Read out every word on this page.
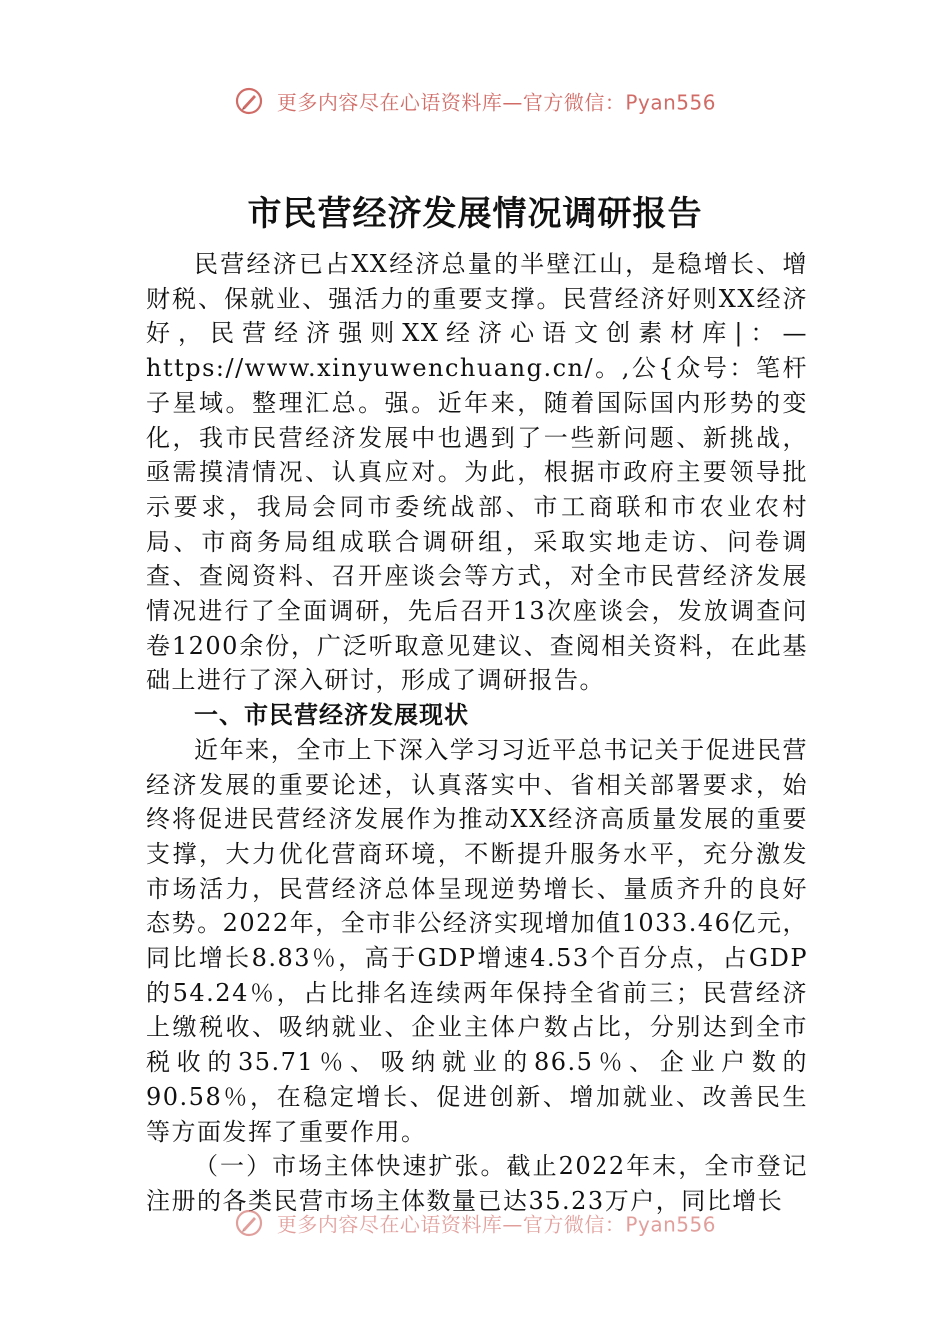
更多内容尽在心语资料库—官方微信：Pyan556
市民营经济发展情况调研报告

民营经济已占XX经济总量的半壁江山，是稳增长、增财税、保就业、强活力的重要支撑。民营经济好则XX经济好，民营经济强则XX经济心语文创素材库|：—https://www.xinyuwenchuang.cn/。,公{众号：笔杆子星域。整理汇总。强。近年来，随着国际国内形势的变化，我市民营经济发展中也遇到了一些新问题、新挑战，亟需摸清情况、认真应对。为此，根据市政府主要领导批示要求，我局会同市委统战部、市工商联和市农业农村局、市商务局组成联合调研组，采取实地走访、问卷调查、查阅资料、召开座谈会等方式，对全市民营经济发展情况进行了全面调研，先后召开13次座谈会，发放调查问卷1200余份，广泛听取意见建议、查阅相关资料，在此基础上进行了深入研讨，形成了调研报告。

一、市民营经济发展现状

近年来，全市上下深入学习习近平总书记关于促进民营经济发展的重要论述，认真落实中、省相关部署要求，始终将促进民营经济发展作为推动XX经济高质量发展的重要支撑，大力优化营商环境，不断提升服务水平，充分激发市场活力，民营经济总体呈现逆势增长、量质齐升的良好态势。2022年，全市非公经济实现增加值1033.46亿元，同比增长8.83％，高于GDP增速4.53个百分点，占GDP的54.24％，占比排名连续两年保持全省前三；民营经济上缴税收、吸纳就业、企业主体户数占比，分别达到全市税收的35.71％、吸纳就业的86.5％、企业户数的90.58％，在稳定增长、促进创新、增加就业、改善民生等方面发挥了重要作用。

（一）市场主体快速扩张。截止2022年末，全市登记注册的各类民营市场主体数量已达35.23万户，同比增长

更多内容尽在心语资料库—官方微信：Pyan556
